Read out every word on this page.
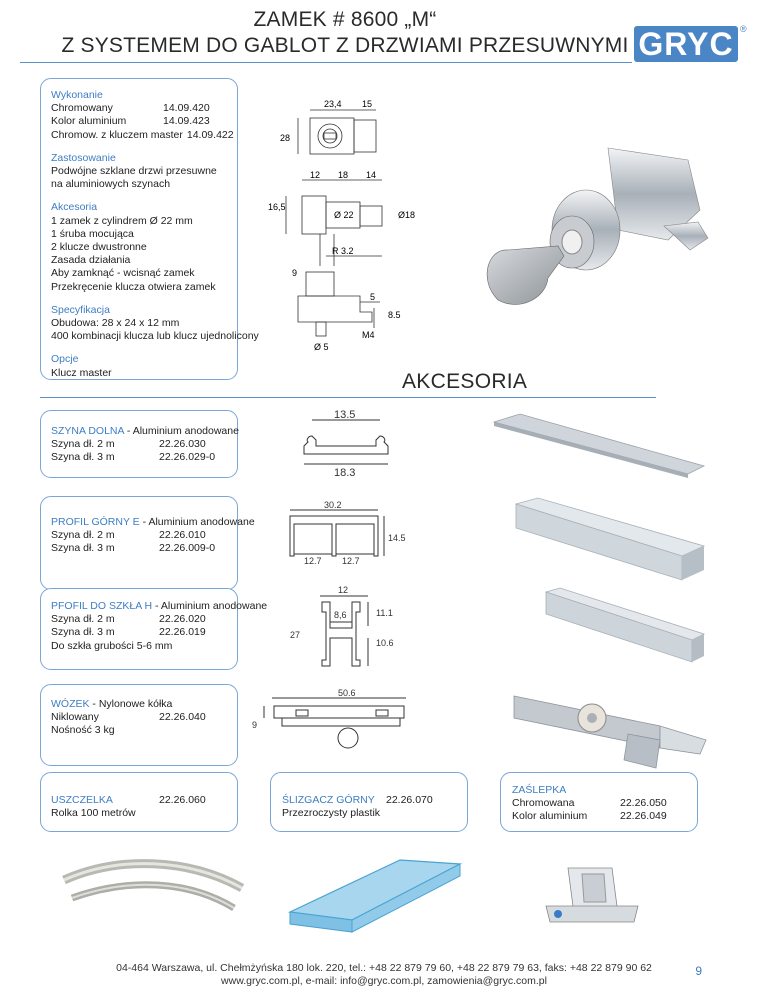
ZAMEK # 8600 „M“
Z SYSTEMEM DO GABLOT Z DRZWIAMI PRZESUWNYMI GRYC ®
Wykonanie
Chromowany	14.09.420
Kolor aluminium	14.09.423
Chromow. z kluczem master 14.09.422
Zastosowanie
Podwójne szklane drzwi przesuwne
na aluminiowych szynach
Akcesoria
1 zamek z cylindrem Ø 22 mm
1 śruba mocująca
2 klucze dwustronne
Zasada działania
Aby zamknąć - wcisnąć zamek
Przekręcenie klucza otwiera zamek
Specyfikacja
Obudowa: 28 x 24 x 12 mm
400 kombinacji klucza lub klucz ujednolicony
Opcje
Klucz master
23,4 15
28
12 18 14
16,5
Ø 22	Ø18
R 3.2
9
5
8.5
M4
Ø 5
AKCESORIA
SZYNA DOLNA - Aluminium anodowane
Szyna dł. 2 m	22.26.030
Szyna dł. 3 m	22.26.029-0
13.5
18.3
PROFIL GÓRNY E - Aluminium anodowane
Szyna dł. 2 m	22.26.010
Szyna dł. 3 m	22.26.009-0
30.2
14.5
12.7 12.7
PFOFIL DO SZKŁA H - Aluminium anodowane
Szyna dł. 2 m	22.26.020
Szyna dł. 3 m	22.26.019
Do szkła grubości 5-6 mm
12
8,6	11.1
27
10.6
WÓZEK - Nylonowe kółka
Niklowany	22.26.040
Nośność 3 kg
50.6
9
USZCZELKA	22.26.060
Rolka 100 metrów
ŚLIZGACZ GÓRNY	22.26.070
Przezroczysty plastik
ZAŚLEPKA
Chromowana	22.26.050
Kolor aluminium	22.26.049
04-464 Warszawa, ul. Chełmżyńska 180 lok. 220, tel.: +48 22 879 79 60, +48 22 879 79 63, faks: +48 22 879 90 62
www.gryc.com.pl, e-mail: info@gryc.com.pl, zamowienia@gryc.com.pl
9
